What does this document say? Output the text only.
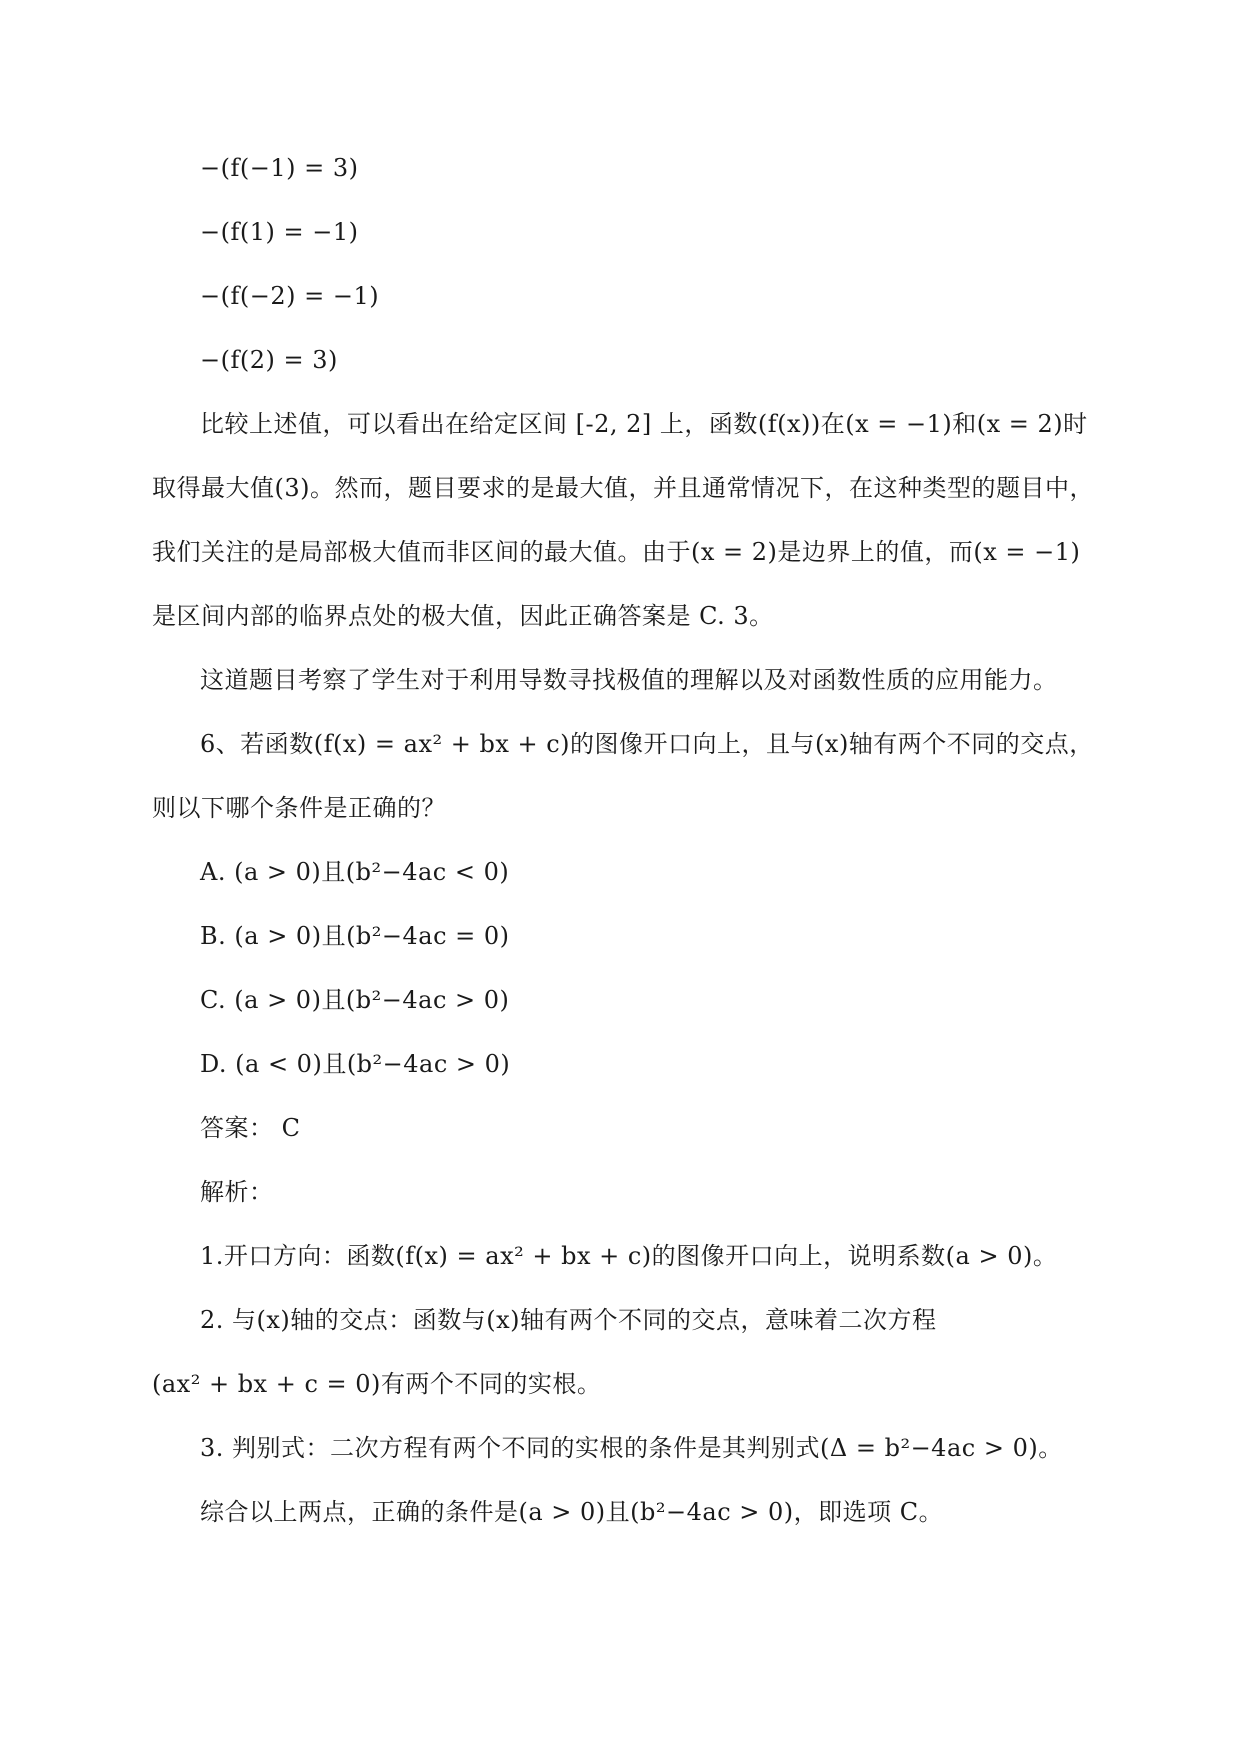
−(f(−1) = 3)
−(f(1) = −1)
−(f(−2) = −1)
−(f(2) = 3)
比较上述值，可以看出在给定区间 [-2, 2] 上，函数(f(x))在(x = −1)和(x = 2)时
取得最大值(3)。然而，题目要求的是最大值，并且通常情况下，在这种类型的题目中，
我们关注的是局部极大值而非区间的最大值。由于(x = 2)是边界上的值，而(x = −1)
是区间内部的临界点处的极大值，因此正确答案是 C. 3。
这道题目考察了学生对于利用导数寻找极值的理解以及对函数性质的应用能力。
6、若函数(f(x) = ax² + bx + c)的图像开口向上，且与(x)轴有两个不同的交点，
则以下哪个条件是正确的？
A. (a > 0)且(b²−4ac < 0)
B. (a > 0)且(b²−4ac = 0)
C. (a > 0)且(b²−4ac > 0)
D. (a < 0)且(b²−4ac > 0)
答案： C
解析：
1.开口方向：函数(f(x) = ax² + bx + c)的图像开口向上，说明系数(a > 0)。
2. 与(x)轴的交点：函数与(x)轴有两个不同的交点，意味着二次方程
(ax² + bx + c = 0)有两个不同的实根。
3. 判别式：二次方程有两个不同的实根的条件是其判别式(Δ = b²−4ac > 0)。
综合以上两点，正确的条件是(a > 0)且(b²−4ac > 0)，即选项 C。
